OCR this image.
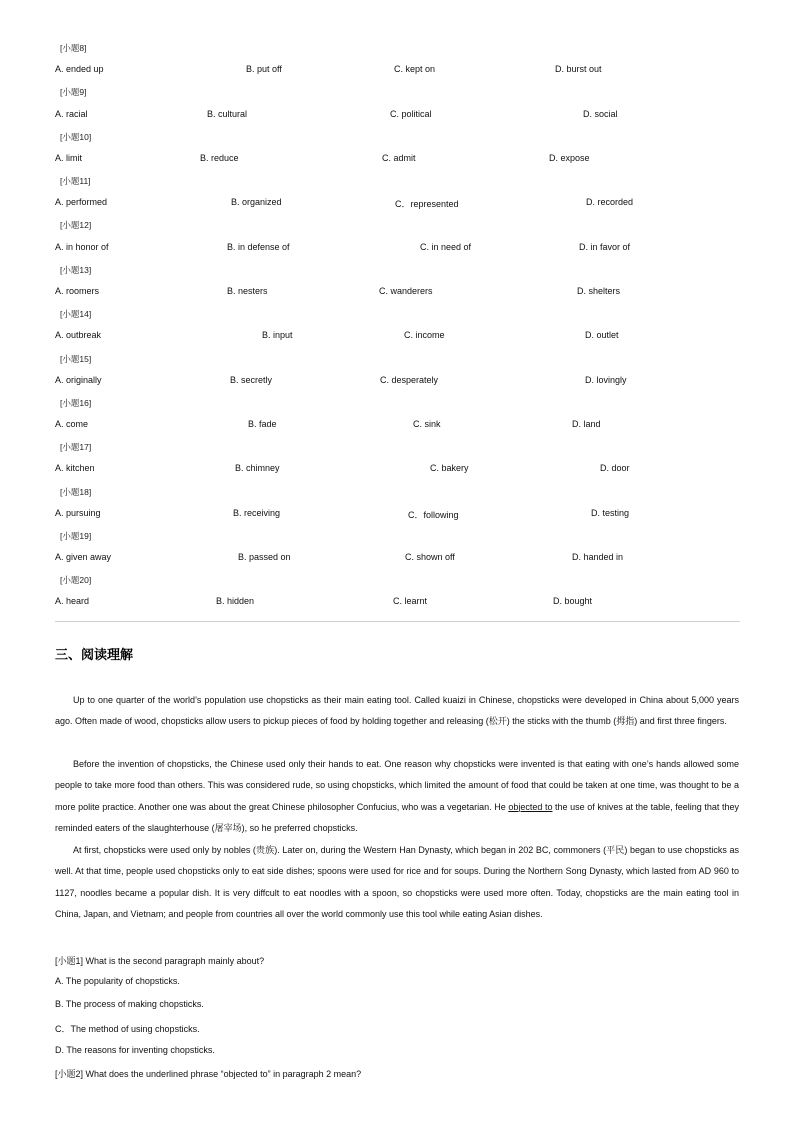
[小题8]
A. ended up	B. put off	C. kept on	D. burst out
[小题9]
A. racial	B. cultural	C. political	D. social
[小题10]
A. limit	B. reduce	C. admit	D. expose
[小题11]
A. performed	B. organized	C．represented	D. recorded
[小题12]
A. in honor of	B. in defense of	C. in need of	D. in favor of
[小题13]
A. roomers	B. nesters	C. wanderers	D. shelters
[小题14]
A. outbreak	B. input	C. income	D. outlet
[小题15]
A. originally	B. secretly	C. desperately	D. lovingly
[小题16]
A. come	B. fade	C. sink	D. land
[小题17]
A. kitchen	B. chimney	C. bakery	D. door
[小题18]
A. pursuing	B. receiving	C．following	D. testing
[小题19]
A. given away	B. passed on	C. shown off	D. handed in
[小题20]
A. heard	B. hidden	C. learnt	D. bought
三、阅读理解
Up to one quarter of the world’s population use chopsticks as their main eating tool. Called kuaizi in Chinese, chopsticks were developed in China about 5,000 years ago. Often made of wood, chopsticks allow users to pickup pieces of food by holding together and releasing (松开) the sticks with the thumb (拇指) and first three fingers.
Before the invention of chopsticks, the Chinese used only their hands to eat. One reason why chopsticks were invented is that eating with one’s hands allowed some people to take more food than others. This was considered rude, so using chopsticks, which limited the amount of food that could be taken at one time, was thought to be a more polite practice. Another one was about the great Chinese philosopher Confucius, who was a vegetarian. He objected to the use of knives at the table, feeling that they reminded eaters of the slaughterhouse (屠宰场), so he preferred chopsticks.
At first, chopsticks were used only by nobles (贵族). Later on, during the Western Han Dynasty, which began in 202 BC, commoners (平民) began to use chopsticks as well. At that time, people used chopsticks only to eat side dishes; spoons were used for rice and for soups. During the Northern Song Dynasty, which lasted from AD 960 to 1127, noodles became a popular dish. It is very diffcult to eat noodles with a spoon, so chopsticks were used more often. Today, chopsticks are the main eating tool in China, Japan, and Vietnam; and people from countries all over the world commonly use this tool while eating Asian dishes.
[小题1] What is the second paragraph mainly about?
A. The popularity of chopsticks.
B. The process of making chopsticks.
C．The method of using chopsticks.
D. The reasons for inventing chopsticks.
[小题2] What does the underlined phrase “objected to” in paragraph 2 mean?
